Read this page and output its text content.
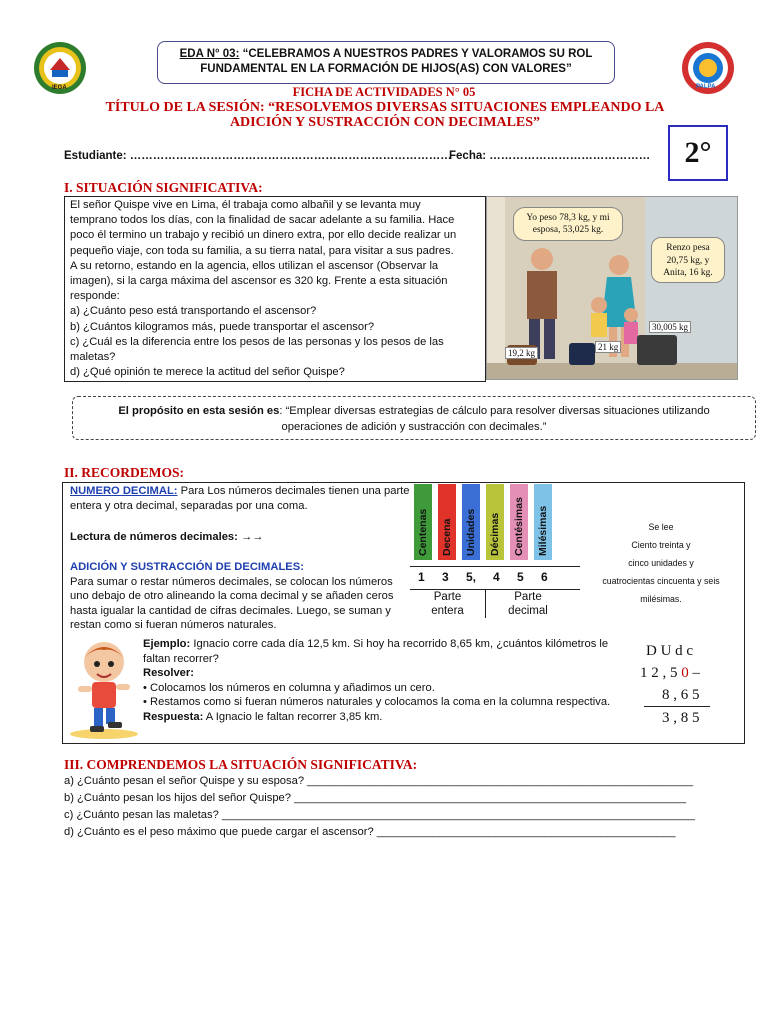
IEGA
EDA N° 03: “CELEBRAMOS A NUESTROS PADRES Y VALORAMOS SU ROL
FUNDAMENTAL EN LA FORMACIÓN DE HIJOS(AS) CON VALORES”
PALPA
FICHA DE ACTIVIDADES N° 05
TÍTULO DE LA SESIÓN: “RESOLVEMOS DIVERSAS SITUACIONES EMPLEANDO LA
ADICIÓN Y SUSTRACCIÓN CON DECIMALES”
2°
Estudiante: …………………………………………………………………………
Fecha: ……………………………………
I. SITUACIÓN SIGNIFICATIVA:
El señor Quispe vive en Lima, él trabaja como albañil y se levanta muy
temprano todos los días, con la finalidad de sacar adelante a su familia. Hace
poco él termino un trabajo y recibió un dinero extra, por ello decide realizar un
pequeño viaje, con toda su familia, a su tierra natal, para visitar a sus padres.
A su retorno, estando en la agencia, ellos utilizan el ascensor (Observar la
imagen), si la carga máxima del ascensor es 320 kg. Frente a esta situación
responde:
a) ¿Cuánto peso está transportando el ascensor?
b) ¿Cuántos kilogramos más, puede transportar el ascensor?
c) ¿Cuál es la diferencia entre los pesos de las personas y los pesos de las
maletas?
d) ¿Qué opinión te merece la actitud del señor Quispe?
Yo peso 78,3 kg, y mi
esposa, 53,025 kg.
Renzo pesa
20,75 kg, y
Anita, 16 kg.
19,2 kg
21 kg
30,005 kg
El propósito en esta sesión es: “Emplear diversas estrategias de cálculo para resolver diversas situaciones utilizando
operaciones de adición y sustracción con decimales.”
II. RECORDEMOS:
NUMERO DECIMAL: Para Los números decimales tienen una parte
entera y otra decimal, separadas por una coma.
Lectura de números decimales: →→
ADICIÓN Y SUSTRACCIÓN DE DECIMALES:
Para sumar o restar números decimales, se colocan los números
uno debajo de otro alineando la coma decimal y se añaden ceros
hasta igualar la cantidad de cifras decimales. Luego, se suman y
restan como si fueran números naturales.
Centenas Decena Unidades Décimas Centésimas Milésimas
1 3 5, 4 5 6
Parte
entera
Parte
decimal
Se lee
Ciento treinta y
cinco unidades y
cuatrocientas cincuenta y seis
milésimas.
Ejemplo: Ignacio corre cada día 12,5 km. Si hoy ha recorrido 8,65 km, ¿cuántos kilómetros le
faltan recorrer?
Resolver:
• Colocamos los números en columna y añadimos un cero.
• Restamos como si fueran números naturales y colocamos la coma en la columna respectiva.
Respuesta: A Ignacio le faltan recorrer 3,85 km.
D U d c
1 2 , 5 0 –
8 , 6 5
3 , 8 5
III. COMPRENDEMOS LA SITUACIÓN SIGNIFICATIVA:
a) ¿Cuánto pesan el señor Quispe y su esposa? ______________________________________________________________
b) ¿Cuánto pesan los hijos del señor Quispe? _______________________________________________________________
c) ¿Cuánto pesan las maletas? ____________________________________________________________________________
d) ¿Cuánto es el peso máximo que puede cargar el ascensor? ________________________________________________
